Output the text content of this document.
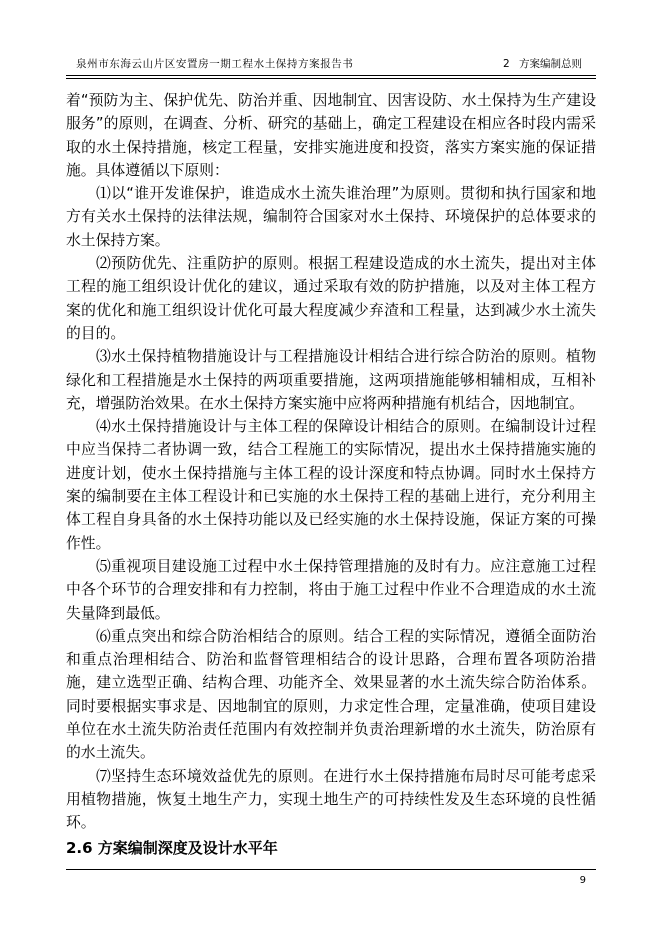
泉州市东海云山片区安置房一期工程水土保持方案报告书	2 方案编制总则

着“预防为主、保护优先、防治并重、因地制宜、因害设防、水土保持为生产建设服务”的原则，在调查、分析、研究的基础上，确定工程建设在相应各时段内需采取的水土保持措施，核定工程量，安排实施进度和投资，落实方案实施的保证措施。具体遵循以下原则：

⑴以“谁开发谁保护，谁造成水土流失谁治理”为原则。贯彻和执行国家和地方有关水土保持的法律法规，编制符合国家对水土保持、环境保护的总体要求的水土保持方案。

⑵预防优先、注重防护的原则。根据工程建设造成的水土流失，提出对主体工程的施工组织设计优化的建议，通过采取有效的防护措施，以及对主体工程方案的优化和施工组织设计优化可最大程度减少弃渣和工程量，达到减少水土流失的目的。

⑶水土保持植物措施设计与工程措施设计相结合进行综合防治的原则。植物绿化和工程措施是水土保持的两项重要措施，这两项措施能够相辅相成，互相补充，增强防治效果。在水土保持方案实施中应将两种措施有机结合，因地制宜。

⑷水土保持措施设计与主体工程的保障设计相结合的原则。在编制设计过程中应当保持二者协调一致，结合工程施工的实际情况，提出水土保持措施实施的进度计划，使水土保持措施与主体工程的设计深度和特点协调。同时水土保持方案的编制要在主体工程设计和已实施的水土保持工程的基础上进行，充分利用主体工程自身具备的水土保持功能以及已经实施的水土保持设施，保证方案的可操作性。

⑸重视项目建设施工过程中水土保持管理措施的及时有力。应注意施工过程中各个环节的合理安排和有力控制，将由于施工过程中作业不合理造成的水土流失量降到最低。

⑹重点突出和综合防治相结合的原则。结合工程的实际情况，遵循全面防治和重点治理相结合、防治和监督管理相结合的设计思路，合理布置各项防治措施，建立选型正确、结构合理、功能齐全、效果显著的水土流失综合防治体系。同时要根据实事求是、因地制宜的原则，力求定性合理，定量准确，使项目建设单位在水土流失防治责任范围内有效控制并负责治理新增的水土流失，防治原有的水土流失。

⑺坚持生态环境效益优先的原则。在进行水土保持措施布局时尽可能考虑采用植物措施，恢复土地生产力，实现土地生产的可持续性发及生态环境的良性循环。

2.6 方案编制深度及设计水平年
9
